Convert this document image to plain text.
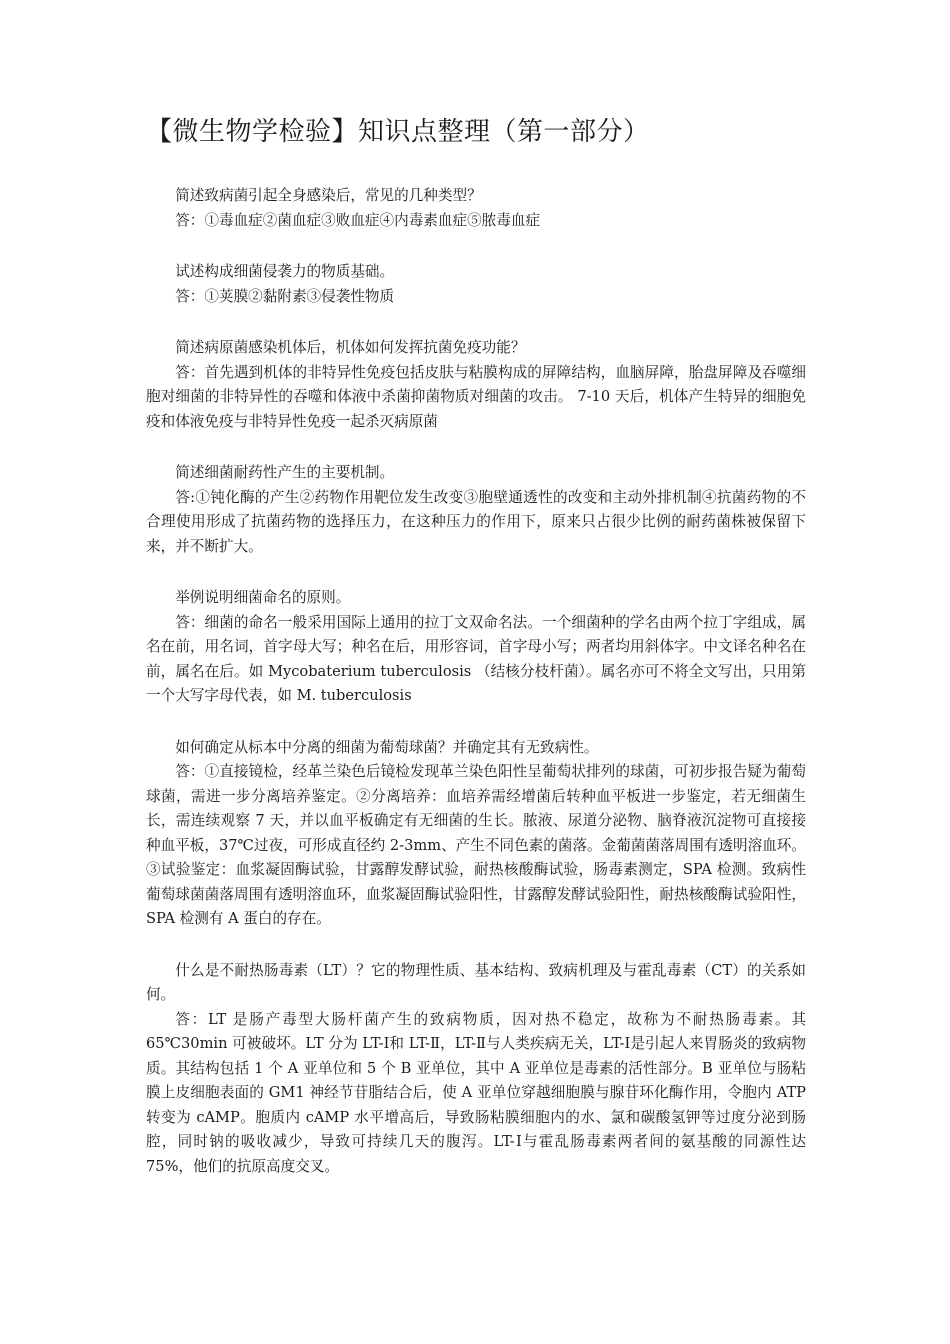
【微生物学检验】知识点整理（第一部分）

简述致病菌引起全身感染后，常见的几种类型？

答：①毒血症②菌血症③败血症④内毒素血症⑤脓毒血症

试述构成细菌侵袭力的物质基础。

答：①荚膜②黏附素③侵袭性物质

简述病原菌感染机体后，机体如何发挥抗菌免疫功能？

答：首先遇到机体的非特异性免疫包括皮肤与粘膜构成的屏障结构，血脑屏障，胎盘屏障及吞噬细胞对细菌的非特异性的吞噬和体液中杀菌抑菌物质对细菌的攻击。 7-10 天后，机体产生特异的细胞免疫和体液免疫与非特异性免疫一起杀灭病原菌

简述细菌耐药性产生的主要机制。

答:①钝化酶的产生②药物作用靶位发生改变③胞壁通透性的改变和主动外排机制④抗菌药物的不合理使用形成了抗菌药物的选择压力，在这种压力的作用下，原来只占很少比例的耐药菌株被保留下来，并不断扩大。

举例说明细菌命名的原则。

答：细菌的命名一般采用国际上通用的拉丁文双命名法。一个细菌种的学名由两个拉丁字组成，属名在前，用名词，首字母大写；种名在后，用形容词，首字母小写；两者均用斜体字。中文译名种名在前，属名在后。如 Mycobaterium tuberculosis （结核分枝杆菌）。属名亦可不将全文写出，只用第一个大写字母代表，如 M. tuberculosis

如何确定从标本中分离的细菌为葡萄球菌？并确定其有无致病性。

答：①直接镜检，经革兰染色后镜检发现革兰染色阳性呈葡萄状排列的球菌，可初步报告疑为葡萄球菌，需进一步分离培养鉴定。②分离培养：血培养需经增菌后转种血平板进一步鉴定，若无细菌生长，需连续观察 7 天，并以血平板确定有无细菌的生长。脓液、尿道分泌物、脑脊液沉淀物可直接接种血平板，37℃过夜，可形成直径约 2-3mm、产生不同色素的菌落。金葡菌菌落周围有透明溶血环。③试验鉴定：血浆凝固酶试验，甘露醇发酵试验，耐热核酸酶试验，肠毒素测定，SPA 检测。致病性葡萄球菌菌落周围有透明溶血环，血浆凝固酶试验阳性，甘露醇发酵试验阳性，耐热核酸酶试验阳性，SPA 检测有 A 蛋白的存在。

什么是不耐热肠毒素（LT）？它的物理性质、基本结构、致病机理及与霍乱毒素（CT）的关系如何。

答：LT 是肠产毒型大肠杆菌产生的致病物质，因对热不稳定，故称为不耐热肠毒素。其 65℃30min 可被破坏。LT 分为 LT-Ⅰ和 LT-Ⅱ，LT-Ⅱ与人类疾病无关，LT-Ⅰ是引起人来胃肠炎的致病物质。其结构包括 1 个 A 亚单位和 5 个 B 亚单位，其中 A 亚单位是毒素的活性部分。B 亚单位与肠粘膜上皮细胞表面的 GM1 神经节苷脂结合后，使 A 亚单位穿越细胞膜与腺苷环化酶作用，令胞内 ATP 转变为 cAMP。胞质内 cAMP 水平增高后，导致肠粘膜细胞内的水、氯和碳酸氢钾等过度分泌到肠腔，同时钠的吸收减少，导致可持续几天的腹泻。LT-Ⅰ与霍乱肠毒素两者间的氨基酸的同源性达 75%，他们的抗原高度交叉。
